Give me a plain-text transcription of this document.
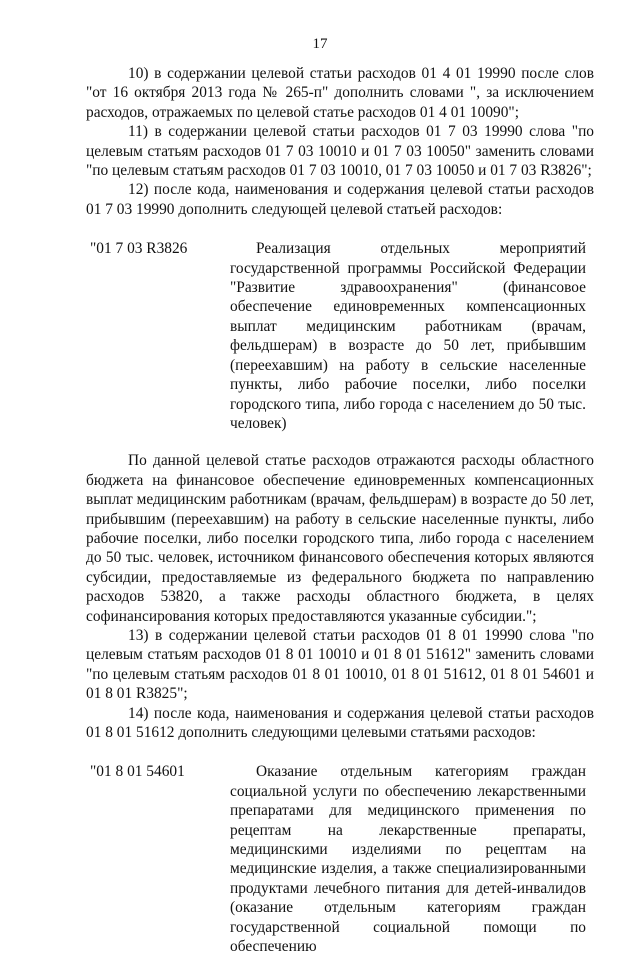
17

10) в содержании целевой статьи расходов 01 4 01 19990 после слов "от 16 октября 2013 года № 265-п" дополнить словами ", за исключением расходов, отражаемых по целевой статье расходов 01 4 01 10090";

11) в содержании целевой статьи расходов 01 7 03 19990 слова "по целевым статьям расходов 01 7 03 10010 и 01 7 03 10050" заменить словами "по целевым статьям расходов 01 7 03 10010, 01 7 03 10050 и 01 7 03 R3826";

12) после кода, наименования и содержания целевой статьи расходов 01 7 03 19990 дополнить следующей целевой статьей расходов:

"01 7 03 R3826	Реализация отдельных мероприятий государственной программы Российской Федерации "Развитие здравоохранения" (финансовое обеспечение единовременных компенсационных выплат медицинским работникам (врачам, фельдшерам) в возрасте до 50 лет, прибывшим (переехавшим) на работу в сельские населенные пункты, либо рабочие поселки, либо поселки городского типа, либо города с населением до 50 тыс. человек)

По данной целевой статье расходов отражаются расходы областного бюджета на финансовое обеспечение единовременных компенсационных выплат медицинским работникам (врачам, фельдшерам) в возрасте до 50 лет, прибывшим (переехавшим) на работу в сельские населенные пункты, либо рабочие поселки, либо поселки городского типа, либо города с населением до 50 тыс. человек, источником финансового обеспечения которых являются субсидии, предоставляемые из федерального бюджета по направлению расходов 53820, а также расходы областного бюджета, в целях софинансирования которых предоставляются указанные субсидии.";

13) в содержании целевой статьи расходов 01 8 01 19990 слова "по целевым статьям расходов 01 8 01 10010 и 01 8 01 51612" заменить словами "по целевым статьям расходов 01 8 01 10010, 01 8 01 51612, 01 8 01 54601 и 01 8 01 R3825";

14) после кода, наименования и содержания целевой статьи расходов 01 8 01 51612 дополнить следующими целевыми статьями расходов:

"01 8 01 54601	Оказание отдельным категориям граждан социальной услуги по обеспечению лекарственными препаратами для медицинского применения по рецептам на лекарственные препараты, медицинскими изделиями по рецептам на медицинские изделия, а также специализированными продуктами лечебного питания для детей-инвалидов (оказание отдельным категориям граждан государственной социальной помощи по обеспечению
